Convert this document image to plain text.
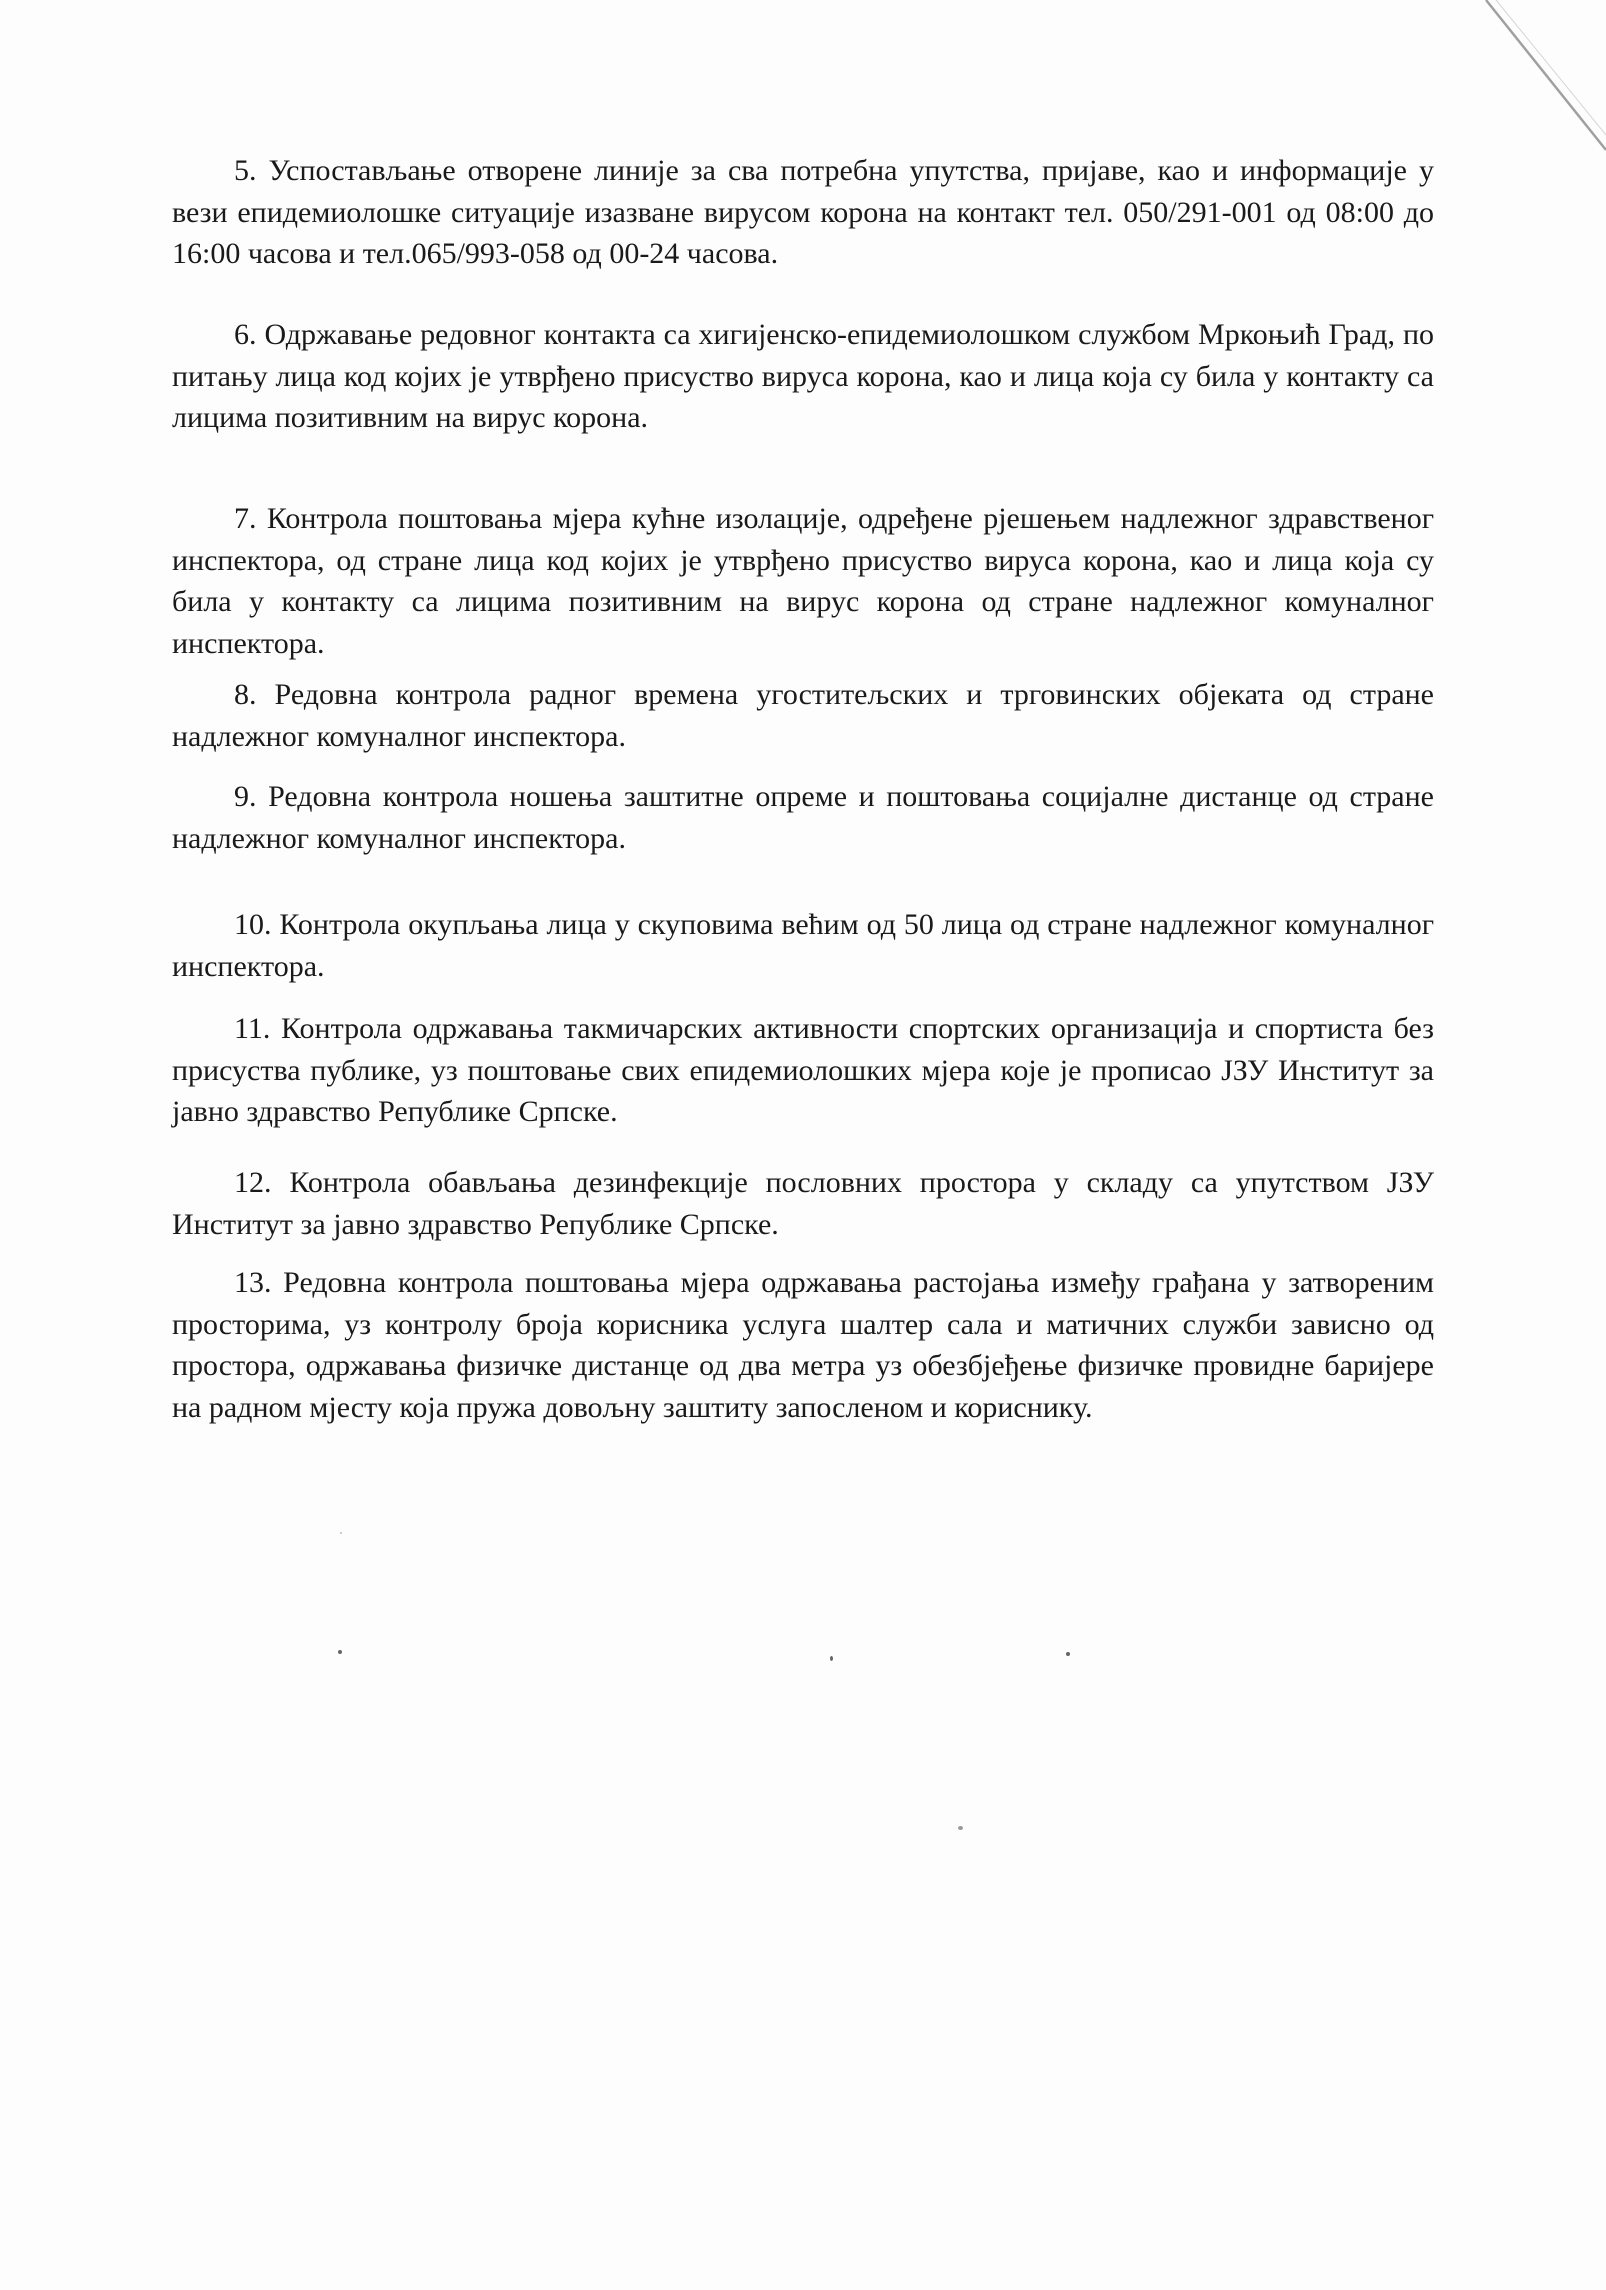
5. Успостављање отворене линије за сва потребна упутства, пријаве, као и информације у вези епидемиолошке ситуације изазване вирусом корона на контакт тел. 050/291-001 од 08:00 до 16:00 часова и тел.065/993-058 од 00-24 часова.

6. Одржавање редовног контакта са хигијенско-епидемиолошком службом Мркоњић Град, по питању лица код којих је утврђено присуство вируса корона, као и лица која су била у контакту са лицима позитивним на вирус корона.

7. Контрола поштовања мјера кућне изолације, одређене рјешењем надлежног здравственог инспектора, од стране лица код којих је утврђено присуство вируса корона, као и лица која су била у контакту са лицима позитивним на вирус корона од стране надлежног комуналног инспектора.

8. Редовна контрола радног времена угоститељских и трговинских објеката од стране надлежног комуналног инспектора.

9. Редовна контрола ношења заштитне опреме и поштовања социјалне дистанце од стране надлежног комуналног инспектора.

10. Контрола окупљања лица у скуповима већим од 50 лица од стране надлежног комуналног инспектора.

11. Контрола одржавања такмичарских активности спортских организација и спортиста без присуства публике, уз поштовање свих епидемиолошких мјера које је прописао ЈЗУ Институт за јавно здравство Републике Српске.

12. Контрола обављања дезинфекције пословних простора у складу са упутством ЈЗУ Институт за јавно здравство Републике Српске.

13. Редовна контрола поштовања мјера одржавања растојања између грађана у затвореним просторима, уз контролу броја корисника услуга шалтер сала и матичних служби зависно од простора, одржавања физичке дистанце од два метра уз обезбјеђење физичке провидне баријере на радном мјесту која пружа довољну заштиту запосленом и кориснику.
